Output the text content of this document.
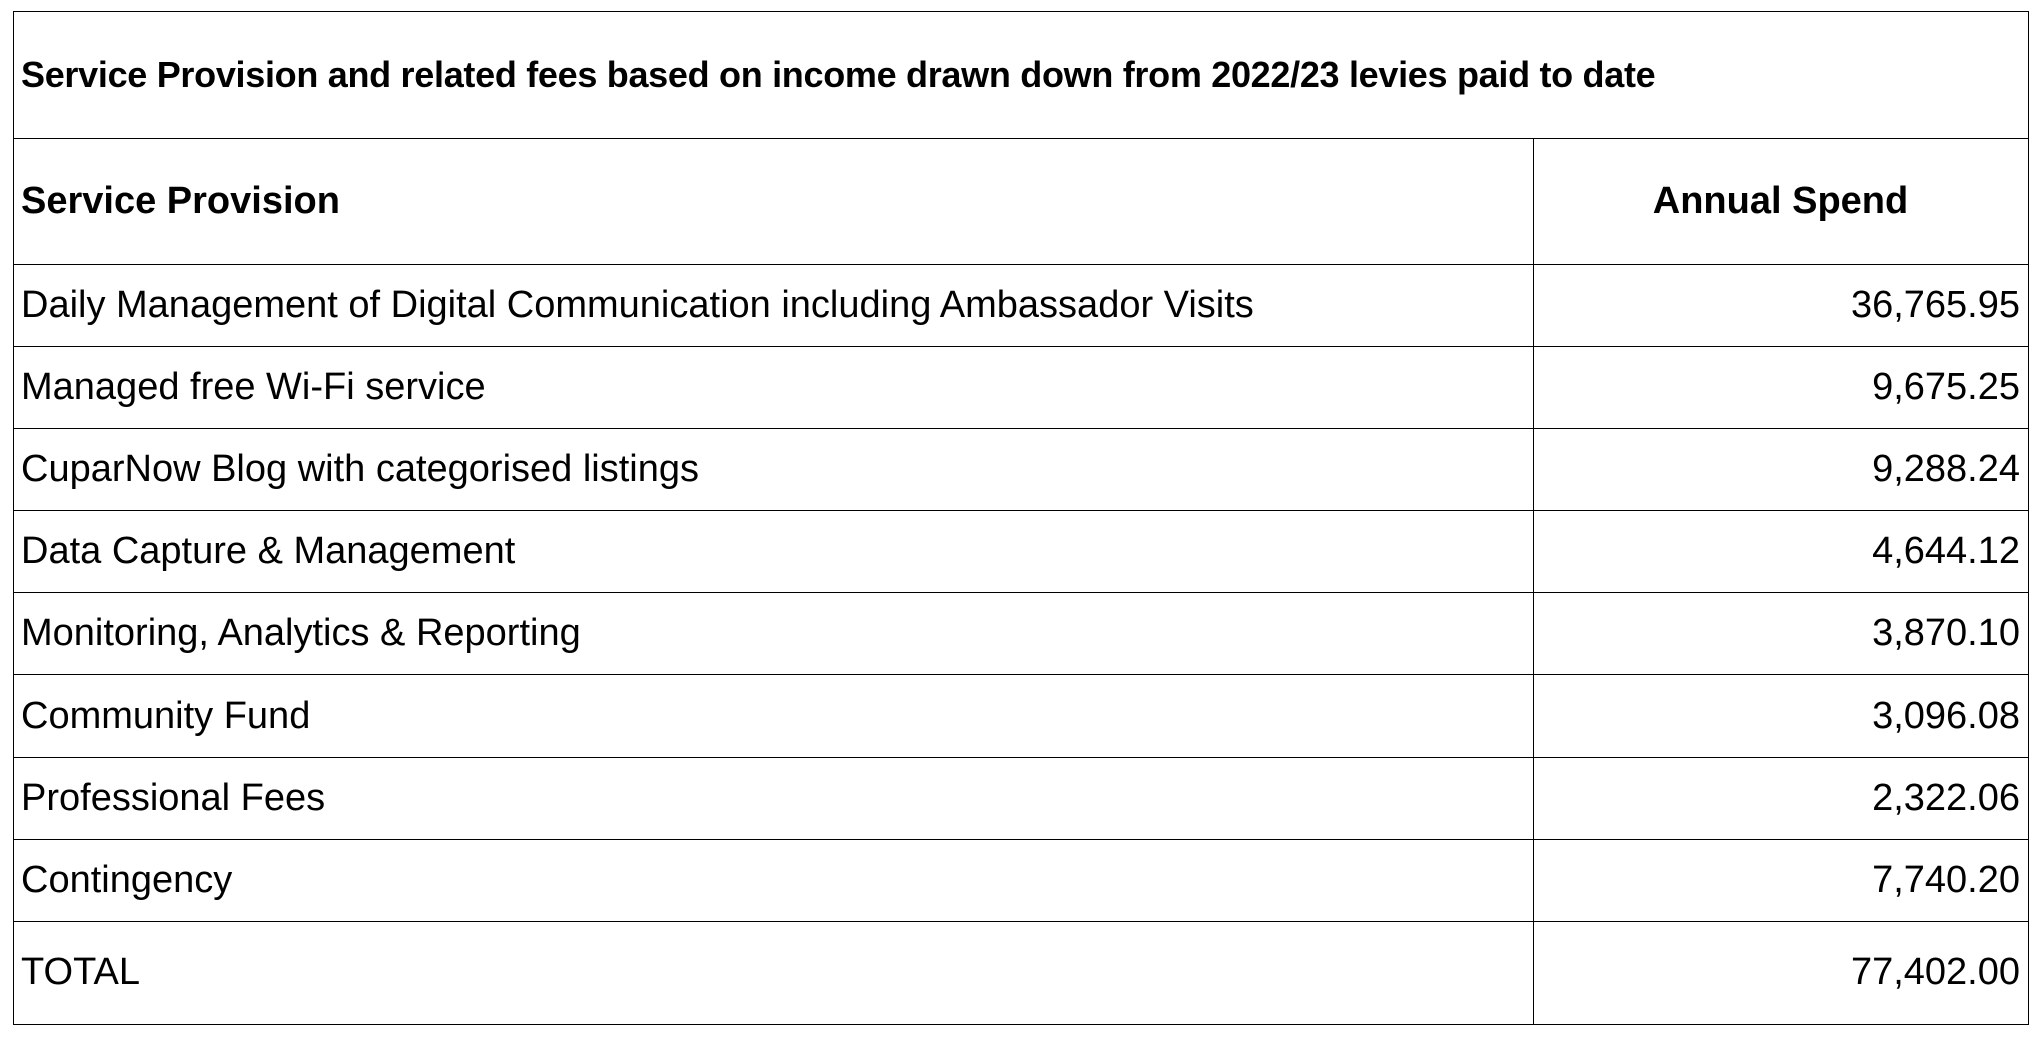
Service Provision and related fees based on income drawn down from 2022/23 levies paid to date	
Service Provision	Annual Spend
Daily Management of Digital Communication including Ambassador Visits	36,765.95
Managed free Wi-Fi service	9,675.25
CuparNow Blog with categorised listings	9,288.24
Data Capture & Management	4,644.12
Monitoring, Analytics & Reporting	3,870.10
Community Fund	3,096.08
Professional Fees	2,322.06
Contingency	7,740.20
TOTAL	77,402.00
